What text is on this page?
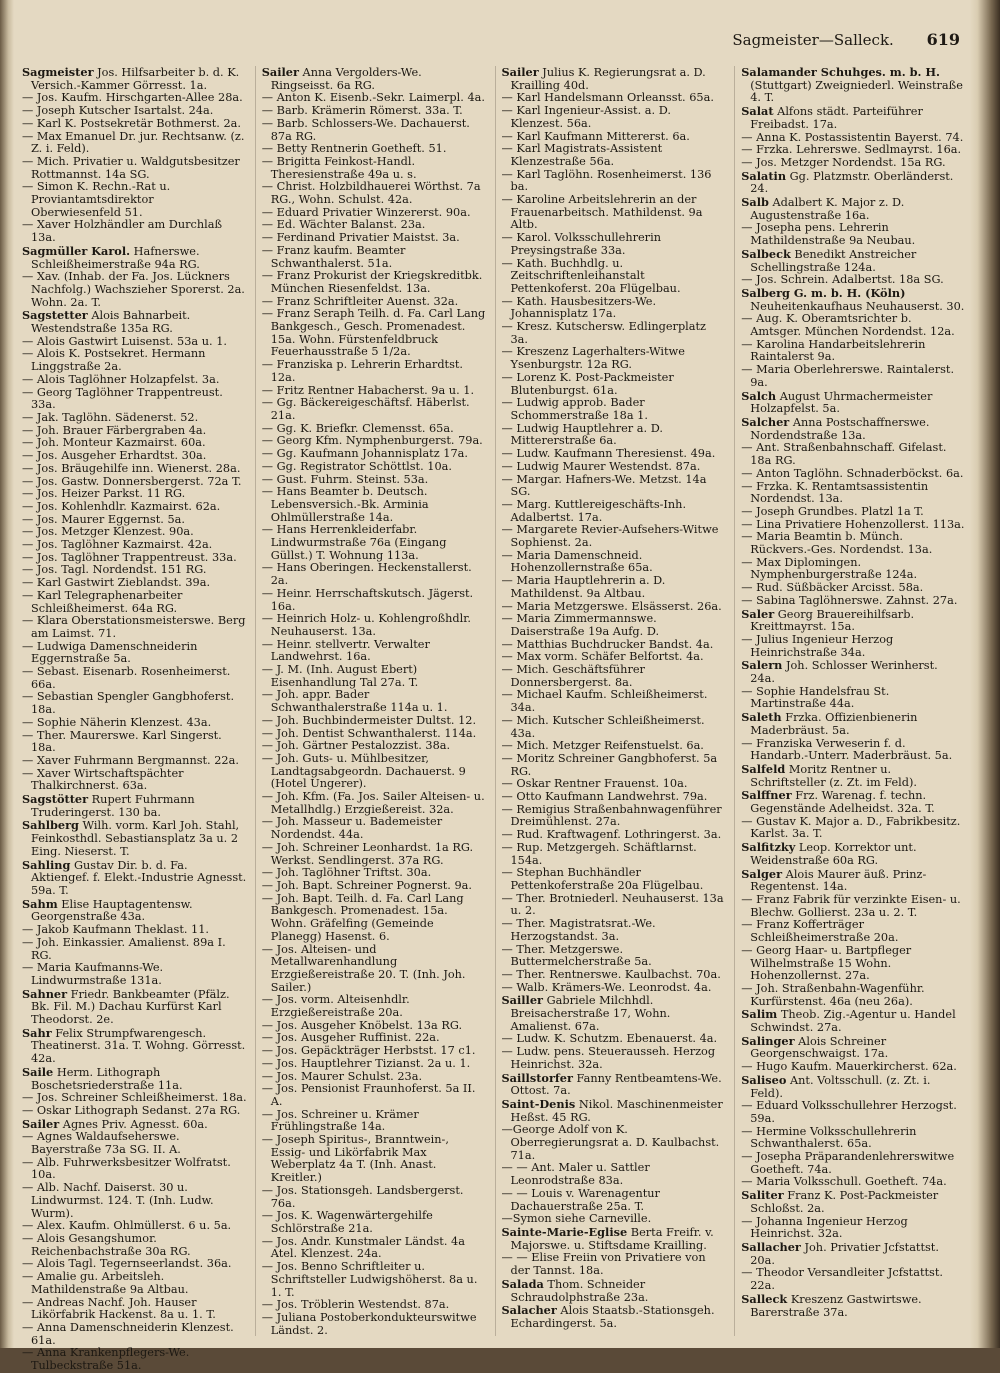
Sagmeister—Salleck. 619

Sagmeister Jos. Hilfsarbeiter b. d. K. Versich.-Kammer Görresst. 1a.

— Jos. Kaufm. Hirschgarten-Allee 28a.

— Joseph Kutscher Isartalst. 24a.

— Karl K. Postsekretär Bothmerst. 2a.

— Max Emanuel Dr. jur. Rechtsanw. (z. Z. i. Feld).

— Mich. Privatier u. Waldgutsbesitzer Rottmannst. 14a SG.

— Simon K. Rechn.-Rat u. Proviantamtsdirektor Oberwiesenfeld 51.

— Xaver Holzhändler am Durchlaß 13a.

Sagmüller Karol. Hafnerswe. Schleißheimerstraße 94a RG.

— Xav. (Inhab. der Fa. Jos. Lückners Nachfolg.) Wachszieher Sporerst. 2a. Wohn. 2a. T.

Sagstetter Alois Bahnarbeit. Westendstraße 135a RG.

— Alois Gastwirt Luisenst. 53a u. 1.

— Alois K. Postsekret. Hermann Linggstraße 2a.

— Alois Taglöhner Holzapfelst. 3a.

— Georg Taglöhner Trappentreust. 33a.

— Jak. Taglöhn. Sädenerst. 52.

— Joh. Brauer Färbergraben 4a.

— Joh. Monteur Kazmairst. 60a.

— Jos. Ausgeher Erhardtst. 30a.

— Jos. Bräugehilfe inn. Wienerst. 28a.

— Jos. Gastw. Donnersbergerst. 72a T.

— Jos. Heizer Parkst. 11 RG.

— Jos. Kohlenhdlr. Kazmairst. 62a.

— Jos. Maurer Eggernst. 5a.

— Jos. Metzger Klenzest. 90a.

— Jos. Taglöhner Kazmairst. 42a.

— Jos. Taglöhner Trappentreust. 33a.

— Jos. Tagl. Nordendst. 151 RG.

— Karl Gastwirt Zieblandst. 39a.

— Karl Telegraphenarbeiter Schleißheimerst. 64a RG.

— Klara Oberstationsmeisterswe. Berg am Laimst. 71.

— Ludwiga Damenschneiderin Eggernstraße 5a.

— Sebast. Eisenarb. Rosenheimerst. 66a.

— Sebastian Spengler Gangbhoferst. 18a.

— Sophie Näherin Klenzest. 43a.

— Ther. Maurerswe. Karl Singerst. 18a.

— Xaver Fuhrmann Bergmannst. 22a.

— Xaver Wirtschaftspächter Thalkirchnerst. 63a.

Sagstötter Rupert Fuhrmann Truderingerst. 130 ba.

Sahlberg Wilh. vorm. Karl Joh. Stahl, Feinkosthdl. Sebastiansplatz 3a u. 2 Eing. Nieserst. T.

Sahling Gustav Dir. b. d. Fa. Aktiengef. f. Elekt.-Industrie Agnesst. 59a. T.

Sahm Elise Hauptagentensw. Georgenstraße 43a.

— Jakob Kaufmann Theklast. 11.

— Joh. Einkassier. Amalienst. 89a I. RG.

— Maria Kaufmanns-We. Lindwurmstraße 131a.

Sahner Friedr. Bankbeamter (Pfälz. Bk. Fil. M.) Dachau Kurfürst Karl Theodorst. 2e.

Sahr Felix Strumpfwarengesch. Theatinerst. 31a. T. Wohng. Görresst. 42a.

Saile Herm. Lithograph Boschetsriederstraße 11a.

— Jos. Schreiner Schleißheimerst. 18a.

— Oskar Lithograph Sedanst. 27a RG.

Sailer Agnes Priv. Agnesst. 60a.

— Agnes Waldaufseherswe. Bayerstraße 73a SG. II. A.

— Alb. Fuhrwerksbesitzer Wolfratst. 10a.

— Alb. Nachf. Daiserst. 30 u. Lindwurmst. 124. T. (Inh. Ludw. Wurm).

— Alex. Kaufm. Ohlmüllerst. 6 u. 5a.

— Alois Gesangshumor. Reichenbachstraße 30a RG.

— Alois Tagl. Tegernseerlandst. 36a.

— Amalie gu. Arbeitsleh. Mathildenstraße 9a Altbau.

— Andreas Nachf. Joh. Hauser Likörfabrik Hackenst. 8a u. 1. T.

— Anna Damenschneiderin Klenzest. 61a.

— Anna Krankenpflegers-We. Tulbeckstraße 51a.

Sailer Anna Vergolders-We. Ringseisst. 6a RG.

— Anton K. Eisenb.-Sekr. Laimerpl. 4a.

— Barb. Krämerin Römerst. 33a. T.

— Barb. Schlossers-We. Dachauerst. 87a RG.

— Betty Rentnerin Goetheft. 51.

— Brigitta Feinkost-Handl. Theresienstraße 49a u. s.

— Christ. Holzbildhauerei Wörthst. 7a RG., Wohn. Schulst. 42a.

— Eduard Privatier Winzererst. 90a.

— Ed. Wächter Balanst. 23a.

— Ferdinand Privatier Maistst. 3a.

— Franz kaufm. Beamter Schwanthalerst. 51a.

— Franz Prokurist der Kriegskreditbk. München Riesenfeldst. 13a.

— Franz Schriftleiter Auenst. 32a.

— Franz Seraph Teilh. d. Fa. Carl Lang Bankgesch., Gesch. Promenadest. 15a. Wohn. Fürstenfeldbruck Feuerhausstraße 5 1/2a.

— Franziska p. Lehrerin Erhardtst. 12a.

— Fritz Rentner Habacherst. 9a u. 1.

— Gg. Bäckereigeschäftsf. Häberlst. 21a.

— Gg. K. Briefkr. Clemensst. 65a.

— Georg Kfm. Nymphenburgerst. 79a.

— Gg. Kaufmann Johannisplatz 17a.

— Gg. Registrator Schöttlst. 10a.

— Gust. Fuhrm. Steinst. 53a.

— Hans Beamter b. Deutsch. Lebensversich.-Bk. Arminia Ohlmüllerstraße 14a.

— Hans Herrenkleiderfabr. Lindwurmstraße 76a (Eingang Güllst.) T. Wohnung 113a.

— Hans Oberingen. Heckenstallerst. 2a.

— Heinr. Herrschaftskutsch. Jägerst. 16a.

— Heinrich Holz- u. Kohlengroßhdlr. Neuhauserst. 13a.

— Heinr. stellvertr. Verwalter Landwehrst. 16a.

— J. M. (Inh. August Ebert) Eisenhandlung Tal 27a. T.

— Joh. appr. Bader Schwanthalerstraße 114a u. 1.

— Joh. Buchbindermeister Dultst. 12.

— Joh. Dentist Schwanthalerst. 114a.

— Joh. Gärtner Pestalozzist. 38a.

— Joh. Guts- u. Mühlbesitzer, Landtagsabgeordn. Dachauerst. 9 (Hotel Ungerer).

— Joh. Kfm. (Fa. Jos. Sailer Alteisen- u. Metallhdlg.) Erzgießereist. 32a.

— Joh. Masseur u. Bademeister Nordendst. 44a.

— Joh. Schreiner Leonhardst. 1a RG. Werkst. Sendlingerst. 37a RG.

— Joh. Taglöhner Triftst. 30a.

— Joh. Bapt. Schreiner Pognerst. 9a.

— Joh. Bapt. Teilh. d. Fa. Carl Lang Bankgesch. Promenadest. 15a. Wohn. Gräfelfing (Gemeinde Planegg) Hasenst. 6.

— Jos. Alteisen- und Metallwarenhandlung Erzgießereistraße 20. T. (Inh. Joh. Sailer.)

— Jos. vorm. Alteisenhdlr. Erzgießereistraße 20a.

— Jos. Ausgeher Knöbelst. 13a RG.

— Jos. Ausgeher Ruffinist. 22a.

— Jos. Gepäckträger Herbstst. 17 c1.

— Jos. Hauptlehrer Tizianst. 2a u. 1.

— Jos. Maurer Schulst. 23a.

— Jos. Pensionist Fraunhoferst. 5a II. A.

— Jos. Schreiner u. Krämer Frühlingstraße 14a.

— Joseph Spiritus-, Branntwein-, Essig- und Likörfabrik Max Weberplatz 4a T. (Inh. Anast. Kreitler.)

— Jos. Stationsgeh. Landsbergerst. 76a.

— Jos. K. Wagenwärtergehilfe Schlörstraße 21a.

— Jos. Andr. Kunstmaler Ländst. 4a Atel. Klenzest. 24a.

— Jos. Benno Schriftleiter u. Schriftsteller Ludwigshöherst. 8a u. 1. T.

— Jos. Tröblerin Westendst. 87a.

— Juliana Postoberkondukteurswitwe Ländst. 2.

Sailer Julius K. Regierungsrat a. D. Krailling 40d.

— Karl Handelsmann Orleansst. 65a.

— Karl Ingenieur-Assist. a. D. Klenzest. 56a.

— Karl Kaufmann Mittererst. 6a.

— Karl Magistrats-Assistent Klenzestraße 56a.

— Karl Taglöhn. Rosenheimerst. 136 ba.

— Karoline Arbeitslehrerin an der Frauenarbeitsch. Mathildenst. 9a Altb.

— Karol. Volksschullehrerin Preysingstraße 33a.

— Kath. Buchhdlg. u. Zeitschriftenleihanstalt Pettenkoferst. 20a Flügelbau.

— Kath. Hausbesitzers-We. Johannisplatz 17a.

— Kresz. Kutschersw. Edlingerplatz 3a.

— Kreszenz Lagerhalters-Witwe Ysenburgstr. 12a RG.

— Lorenz K. Post-Packmeister Blutenburgst. 61a.

— Ludwig approb. Bader Schommerstraße 18a 1.

— Ludwig Hauptlehrer a. D. Mittererstraße 6a.

— Ludw. Kaufmann Theresienst. 49a.

— Ludwig Maurer Westendst. 87a.

— Margar. Hafners-We. Metzst. 14a SG.

— Marg. Kuttlereigeschäfts-Inh. Adalbertst. 17a.

— Margarete Revier-Aufsehers-Witwe Sophienst. 2a.

— Maria Damenschneid. Hohenzollernstraße 65a.

— Maria Hauptlehrerin a. D. Mathildenst. 9a Altbau.

— Maria Metzgerswe. Elsässerst. 26a.

— Maria Zimmermannswe. Daiserstraße 19a Aufg. D.

— Matthias Buchdrucker Bandst. 4a.

— Max vorm. Schäfer Belfortst. 4a.

— Mich. Geschäftsführer Donnersbergerst. 8a.

— Michael Kaufm. Schleißheimerst. 34a.

— Mich. Kutscher Schleißheimerst. 43a.

— Mich. Metzger Reifenstuelst. 6a.

— Moritz Schreiner Gangbhoferst. 5a RG.

— Oskar Rentner Frauenst. 10a.

— Otto Kaufmann Landwehrst. 79a.

— Remigius Straßenbahnwagenführer Dreimühlenst. 27a.

— Rud. Kraftwagenf. Lothringerst. 3a.

— Rup. Metzgergeh. Schäftlarnst. 154a.

— Stephan Buchhändler Pettenkoferstraße 20a Flügelbau.

— Ther. Brotniederl. Neuhauserst. 13a u. 2.

— Ther. Magistratsrat.-We. Herzogstandst. 3a.

— Ther. Metzgerswe. Buttermelcherstraße 5a.

— Ther. Rentnerswe. Kaulbachst. 70a.

— Walb. Krämers-We. Leonrodst. 4a.

Sailler Gabriele Milchhdl. Breisacherstraße 17, Wohn. Amalienst. 67a.

— Ludw. K. Schutzm. Ebenauerst. 4a.

— Ludw. pens. Steuerausseh. Herzog Heinrichst. 32a.

Saillstorfer Fanny Rentbeamtens-We. Ottost. 7a.

Saint-Denis Nikol. Maschinenmeister Heßst. 45 RG.

—George Adolf von K. Oberregierungsrat a. D. Kaulbachst. 71a.

— — Ant. Maler u. Sattler Leonrodstraße 83a.

— — Louis v. Warenagentur Dachauerstraße 25a. T.

—Symon siehe Carneville.

Sainte-Marie-Eglise Berta Freifr. v. Majorswe. u. Stiftsdame Krailling.

— — Elise Freiin von Privatiere von der Tannst. 18a.

Salada Thom. Schneider Schraudolphstraße 23a.

Salacher Alois Staatsb.-Stationsgeh. Echardingerst. 5a.

Salamander Schuhges. m. b. H. (Stuttgart) Zweigniederl. Weinstraße 4. T.

Salat Alfons städt. Parteiführer Freibadst. 17a.

— Anna K. Postassistentin Bayerst. 74.

— Frzka. Lehrerswe. Sedlmayrst. 16a.

— Jos. Metzger Nordendst. 15a RG.

Salatin Gg. Platzmstr. Oberländerst. 24.

Salb Adalbert K. Major z. D. Augustenstraße 16a.

— Josepha pens. Lehrerin Mathildenstraße 9a Neubau.

Salbeck Benedikt Anstreicher Schellingstraße 124a.

— Jos. Schrein. Adalbertst. 18a SG.

Salberg G. m. b. H. (Köln) Neuheitenkaufhaus Neuhauserst. 30.

— Aug. K. Oberamtsrichter b. Amtsger. München Nordendst. 12a.

— Karolina Handarbeitslehrerin Raintalerst 9a.

— Maria Oberlehrerswe. Raintalerst. 9a.

Salch August Uhrmachermeister Holzapfelst. 5a.

Salcher Anna Postschaffnerswe. Nordendstraße 13a.

— Ant. Straßenbahnschaff. Gifelast. 18a RG.

— Anton Taglöhn. Schnaderböckst. 6a.

— Frzka. K. Rentamtsassistentin Nordendst. 13a.

— Joseph Grundbes. Platzl 1a T.

— Lina Privatiere Hohenzollerst. 113a.

— Maria Beamtin b. Münch. Rückvers.-Ges. Nordendst. 13a.

— Max Diplomingen. Nymphenburgerstraße 124a.

— Rud. Süßbäcker Arcisst. 58a.

— Sabina Taglöhnerswe. Zahnst. 27a.

Saler Georg Brauereihilfsarb. Kreittmayrst. 15a.

— Julius Ingenieur Herzog Heinrichstraße 34a.

Salern Joh. Schlosser Werinherst. 24a.

— Sophie Handelsfrau St. Martinstraße 44a.

Saleth Frzka. Offizienbienerin Maderbräust. 5a.

— Franziska Verweserin f. d. Handarb.-Unterr. Maderbräust. 5a.

Salfeld Moritz Rentner u. Schriftsteller (z. Zt. im Feld).

Salffner Frz. Warenag. f. techn. Gegenstände Adelheidst. 32a. T.

— Gustav K. Major a. D., Fabrikbesitz. Karlst. 3a. T.

Salfitzky Leop. Korrektor unt. Weidenstraße 60a RG.

Salger Alois Maurer äuß. Prinz-Regentenst. 14a.

— Franz Fabrik für verzinkte Eisen- u. Blechw. Gollierst. 23a u. 2. T.

— Franz Kofferträger Schleißheimerstraße 20a.

— Georg Haar- u. Bartpfleger Wilhelmstraße 15 Wohn. Hohenzollernst. 27a.

— Joh. Straßenbahn-Wagenführ. Kurfürstenst. 46a (neu 26a).

Salim Theob. Zig.-Agentur u. Handel Schwindst. 27a.

Salinger Alois Schreiner Georgenschwaigst. 17a.

— Hugo Kaufm. Mauerkircherst. 62a.

Saliseo Ant. Voltsschull. (z. Zt. i. Feld).

— Eduard Volksschullehrer Herzogst. 59a.

— Hermine Volksschullehrerin Schwanthalerst. 65a.

— Josepha Präparandenlehrerswitwe Goetheft. 74a.

— Maria Volksschull. Goetheft. 74a.

Saliter Franz K. Post-Packmeister Schloßst. 2a.

— Johanna Ingenieur Herzog Heinrichst. 32a.

Sallacher Joh. Privatier Jcfstattst. 20a.

— Theodor Versandleiter Jcfstattst. 22a.

Salleck Kreszenz Gastwirtswe. Barerstraße 37a.
